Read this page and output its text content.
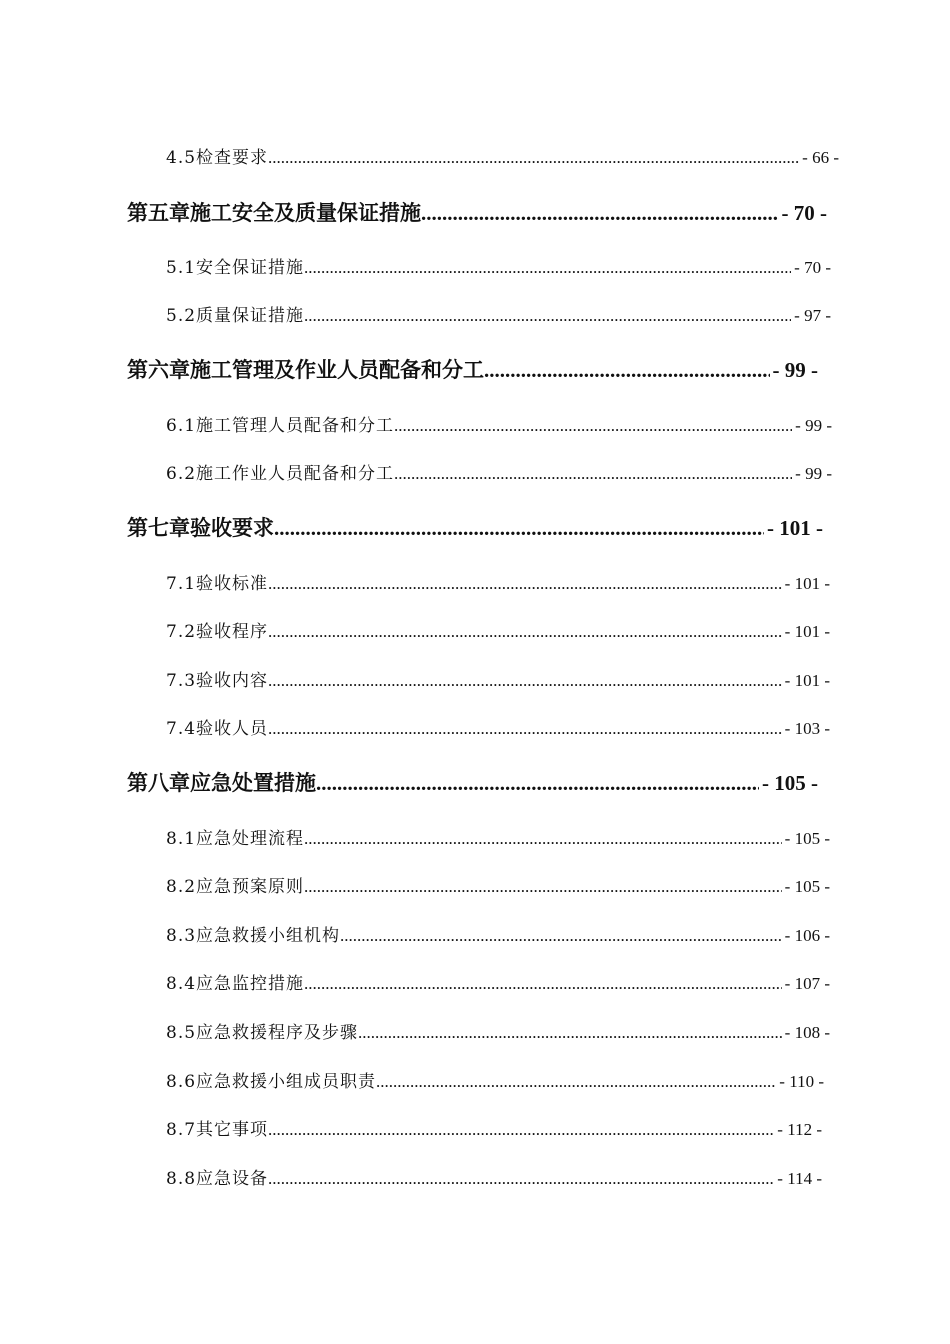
4.5 检查要求 .....	- 66 -
第五章 施工安全及质量保证措施 .....	- 70 -
5.1 安全保证措施 .....	- 70 -
5.2 质量保证措施 .....	- 97 -
第六章 施工管理及作业人员配备和分工 .....	- 99 -
6.1 施工管理人员配备和分工 .....	- 99 -
6.2 施工作业人员配备和分工 .....	- 99 -
第七章 验收要求 .....	- 101 -
7.1 验收标准 .....	- 101 -
7.2 验收程序 .....	- 101 -
7.3 验收内容 .....	- 101 -
7.4 验收人员 .....	- 103 -
第八章 应急处置措施 .....	- 105 -
8.1 应急处理流程 .....	- 105 -
8.2 应急预案原则 .....	- 105 -
8.3 应急救援小组机构 .....	- 106 -
8.4 应急监控措施 .....	- 107 -
8.5 应急救援程序及步骤 .....	- 108 -
8.6 应急救援小组成员职责 .....	- 110 -
8.7 其它事项 .....	- 112 -
8.8 应急设备 .....	- 114 -
